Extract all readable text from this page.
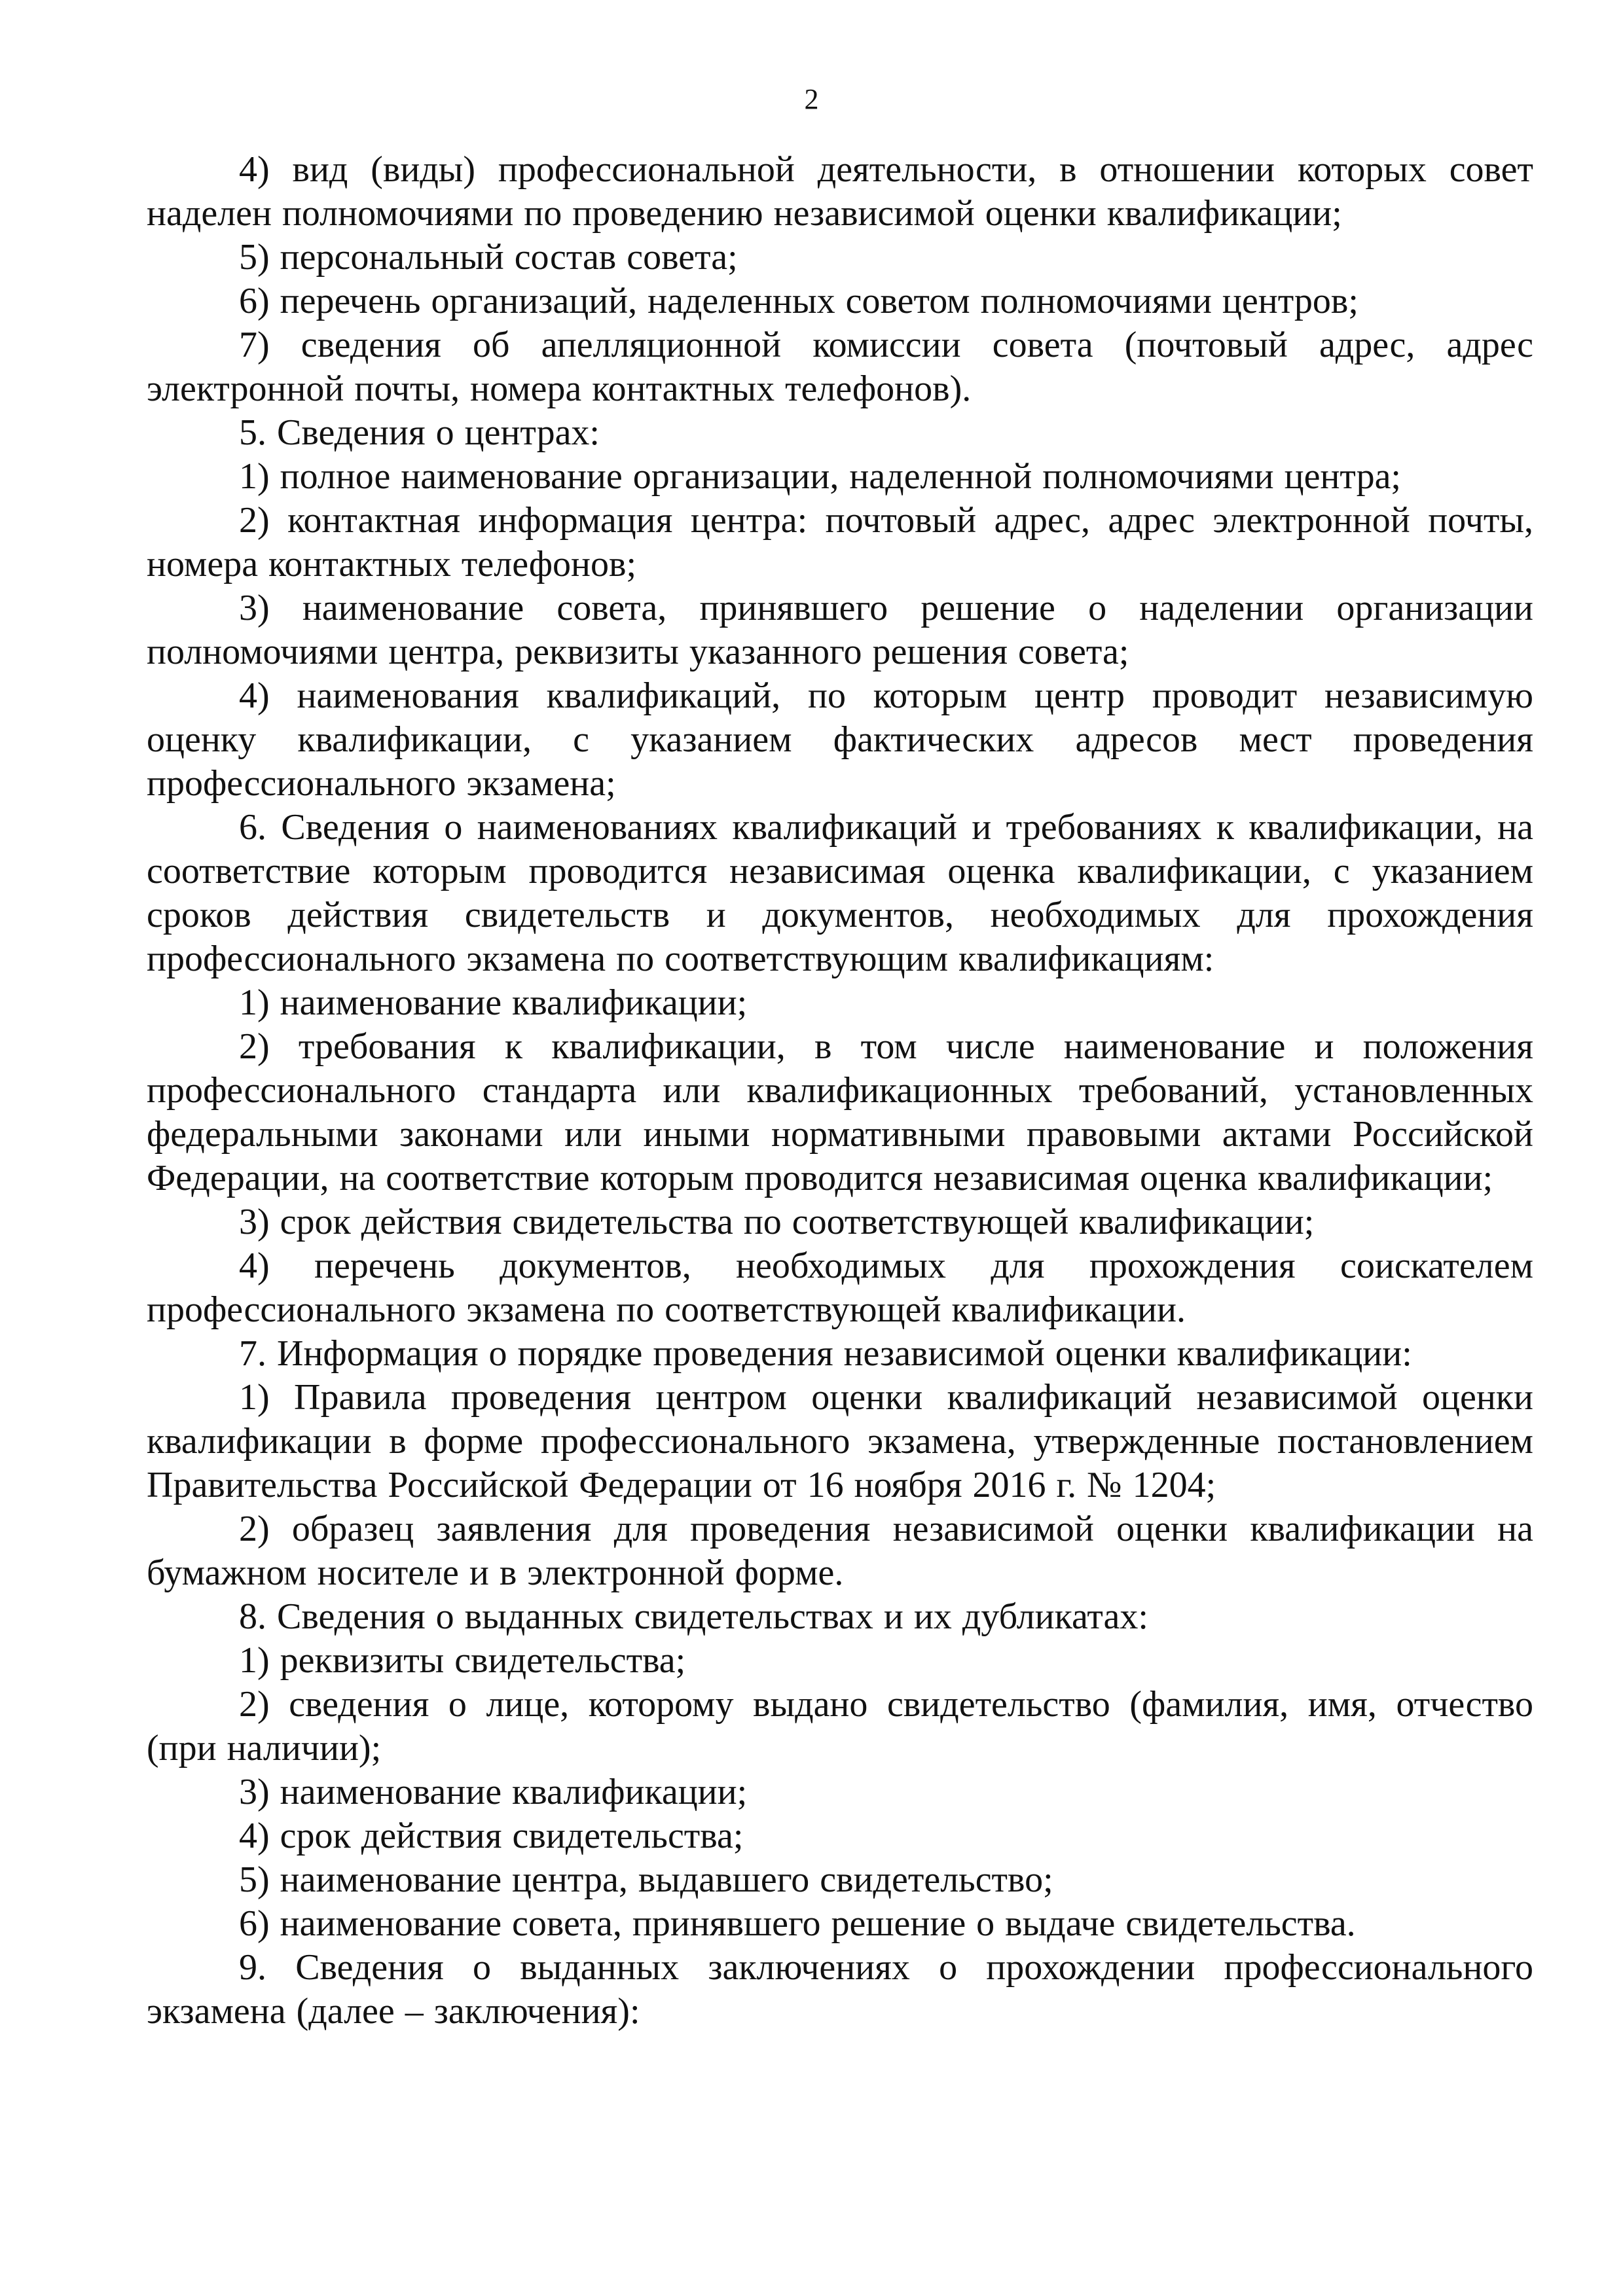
2

4) вид (виды) профессиональной деятельности, в отношении которых совет наделен полномочиями по проведению независимой оценки квалификации;

5) персональный состав совета;

6) перечень организаций, наделенных советом полномочиями центров;

7) сведения об апелляционной комиссии совета (почтовый адрес, адрес электронной почты, номера контактных телефонов).

5. Сведения о центрах:

1) полное наименование организации, наделенной полномочиями центра;

2) контактная информация центра: почтовый адрес, адрес электронной почты, номера контактных телефонов;

3) наименование совета, принявшего решение о наделении организации полномочиями центра, реквизиты указанного решения совета;

4) наименования квалификаций, по которым центр проводит независимую оценку квалификации, с указанием фактических адресов мест проведения профессионального экзамена;

6. Сведения о наименованиях квалификаций и требованиях к квалификации, на соответствие которым проводится независимая оценка квалификации, с указанием сроков действия свидетельств и документов, необходимых для прохождения профессионального экзамена по соответствующим квалификациям:

1) наименование квалификации;

2) требования к квалификации, в том числе наименование и положения профессионального стандарта или квалификационных требований, установленных федеральными законами или иными нормативными правовыми актами Российской Федерации, на соответствие которым проводится независимая оценка квалификации;

3) срок действия свидетельства по соответствующей квалификации;

4) перечень документов, необходимых для прохождения соискателем профессионального экзамена по соответствующей квалификации.

7. Информация о порядке проведения независимой оценки квалификации:

1) Правила проведения центром оценки квалификаций независимой оценки квалификации в форме профессионального экзамена, утвержденные постановлением Правительства Российской Федерации от 16 ноября 2016 г. № 1204;

2) образец заявления для проведения независимой оценки квалификации на бумажном носителе и в электронной форме.

8. Сведения о выданных свидетельствах и их дубликатах:

1) реквизиты свидетельства;

2) сведения о лице, которому выдано свидетельство (фамилия, имя, отчество (при наличии);

3) наименование квалификации;

4) срок действия свидетельства;

5) наименование центра, выдавшего свидетельство;

6) наименование совета, принявшего решение о выдаче свидетельства.

9. Сведения о выданных заключениях о прохождении профессионального экзамена (далее – заключения):
